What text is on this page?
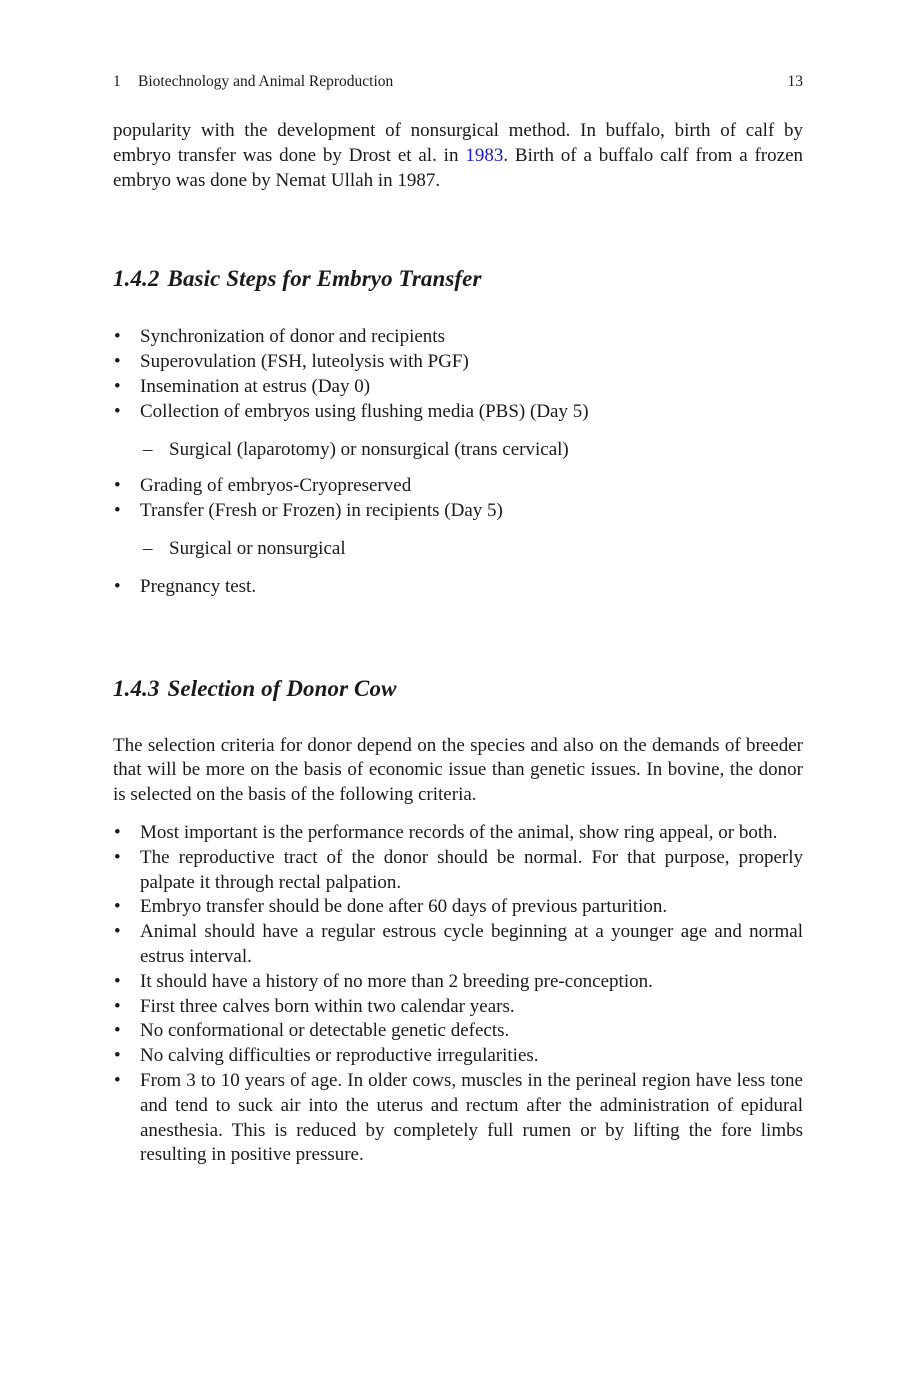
1 Biotechnology and Animal Reproduction	13

popularity with the development of nonsurgical method. In buffalo, birth of calf by embryo transfer was done by Drost et al. in 1983. Birth of a buffalo calf from a frozen embryo was done by Nemat Ullah in 1987.

1.4.2 Basic Steps for Embryo Transfer
• Synchronization of donor and recipients
• Superovulation (FSH, luteolysis with PGF)
• Insemination at estrus (Day 0)
• Collection of embryos using flushing media (PBS) (Day 5)
– Surgical (laparotomy) or nonsurgical (trans cervical)
• Grading of embryos-Cryopreserved
• Transfer (Fresh or Frozen) in recipients (Day 5)
– Surgical or nonsurgical
• Pregnancy test.
1.4.3 Selection of Donor Cow

The selection criteria for donor depend on the species and also on the demands of breeder that will be more on the basis of economic issue than genetic issues. In bovine, the donor is selected on the basis of the following criteria.

• Most important is the performance records of the animal, show ring appeal, or both.
• The reproductive tract of the donor should be normal. For that purpose, properly palpate it through rectal palpation.
• Embryo transfer should be done after 60 days of previous parturition.
• Animal should have a regular estrous cycle beginning at a younger age and normal estrus interval.
• It should have a history of no more than 2 breeding pre-conception.
• First three calves born within two calendar years.
• No conformational or detectable genetic defects.
• No calving difficulties or reproductive irregularities.
• From 3 to 10 years of age. In older cows, muscles in the perineal region have less tone and tend to suck air into the uterus and rectum after the administration of epidural anesthesia. This is reduced by completely full rumen or by lifting the fore limbs resulting in positive pressure.
